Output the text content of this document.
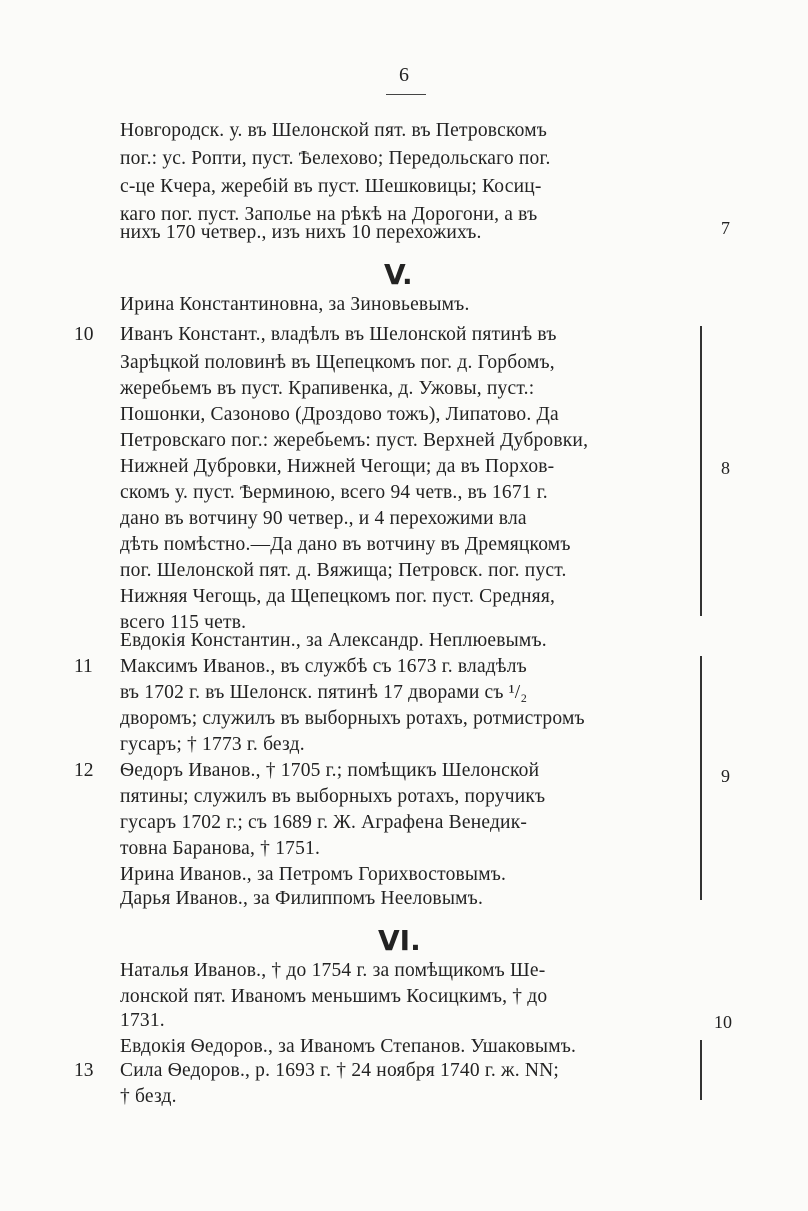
6
Новгородск. у. въ Шелонской пят. въ Петровскомъ
пог.: ус. Ропти, пуст. Ѣелехово; Передольскаго пог.
с-це Кчера, жеребій въ пуст. Шешковицы; Косиц-
каго пог. пуст. Заполье на рѣкѣ на Дорогони, а въ
нихъ 170 четвер., изъ нихъ 10 перехожихъ.	7
V.
Ирина Константиновна, за Зиновьевымъ.
10 Иванъ Констант., владѣлъ въ Шелонской пятинѣ въ
Зарѣцкой половинѣ въ Щепецкомъ пог. д. Горбомъ,
жеребьемъ въ пуст. Крапивенка, д. Ужовы, пуст.:
Пошонки, Сазоново (Дроздово тожъ), Липатово. Да
Петровскаго пог.: жеребьемъ: пуст. Верхней Дубровки,
Нижней Дубровки, Нижней Чегощи; да въ Порхов-
скомъ у. пуст. Ѣерминою, всего 94 четв., въ 1671 г.
дано въ вотчину 90 четвер., и 4 перехожими вла
дѣть помѣстно.—Да дано въ вотчину въ Дремяцкомъ
пог. Шелонской пят. д. Вяжища; Петровск. пог. пуст.
Нижняя Чегощь, да Щепецкомъ пог. пуст. Средняя,
всего 115 четв.
8
Евдокія Константин., за Александр. Неплюевымъ.
11 Максимъ Иванов., въ службѣ съ 1673 г. владѣлъ
въ 1702 г. въ Шелонск. пятинѣ 17 дворами съ ¹/₂
дворомъ; служилъ въ выборныхъ ротахъ, ротмистромъ
гусаръ; † 1773 г. безд.
12 Ѳедоръ Иванов., † 1705 г.; помѣщикъ Шелонской
пятины; служилъ въ выборныхъ ротахъ, поручикъ
гусаръ 1702 г.; съ 1689 г. Ж. Аграфена Венедик-
товна Баранова, † 1751.
Ирина Иванов., за Петромъ Горихвостовымъ.
Дарья Иванов., за Филиппомъ Нееловымъ.
9
VI.
Наталья Иванов., † до 1754 г. за помѣщикомъ Ше-
лонской пят. Иваномъ меньшимъ Косицкимъ, † до
1731.	10
Евдокія Ѳедоров., за Иваномъ Степанов. Ушаковымъ.
13 Сила Ѳедоров., р. 1693 г. † 24 ноября 1740 г. ж. NN;
† безд.
